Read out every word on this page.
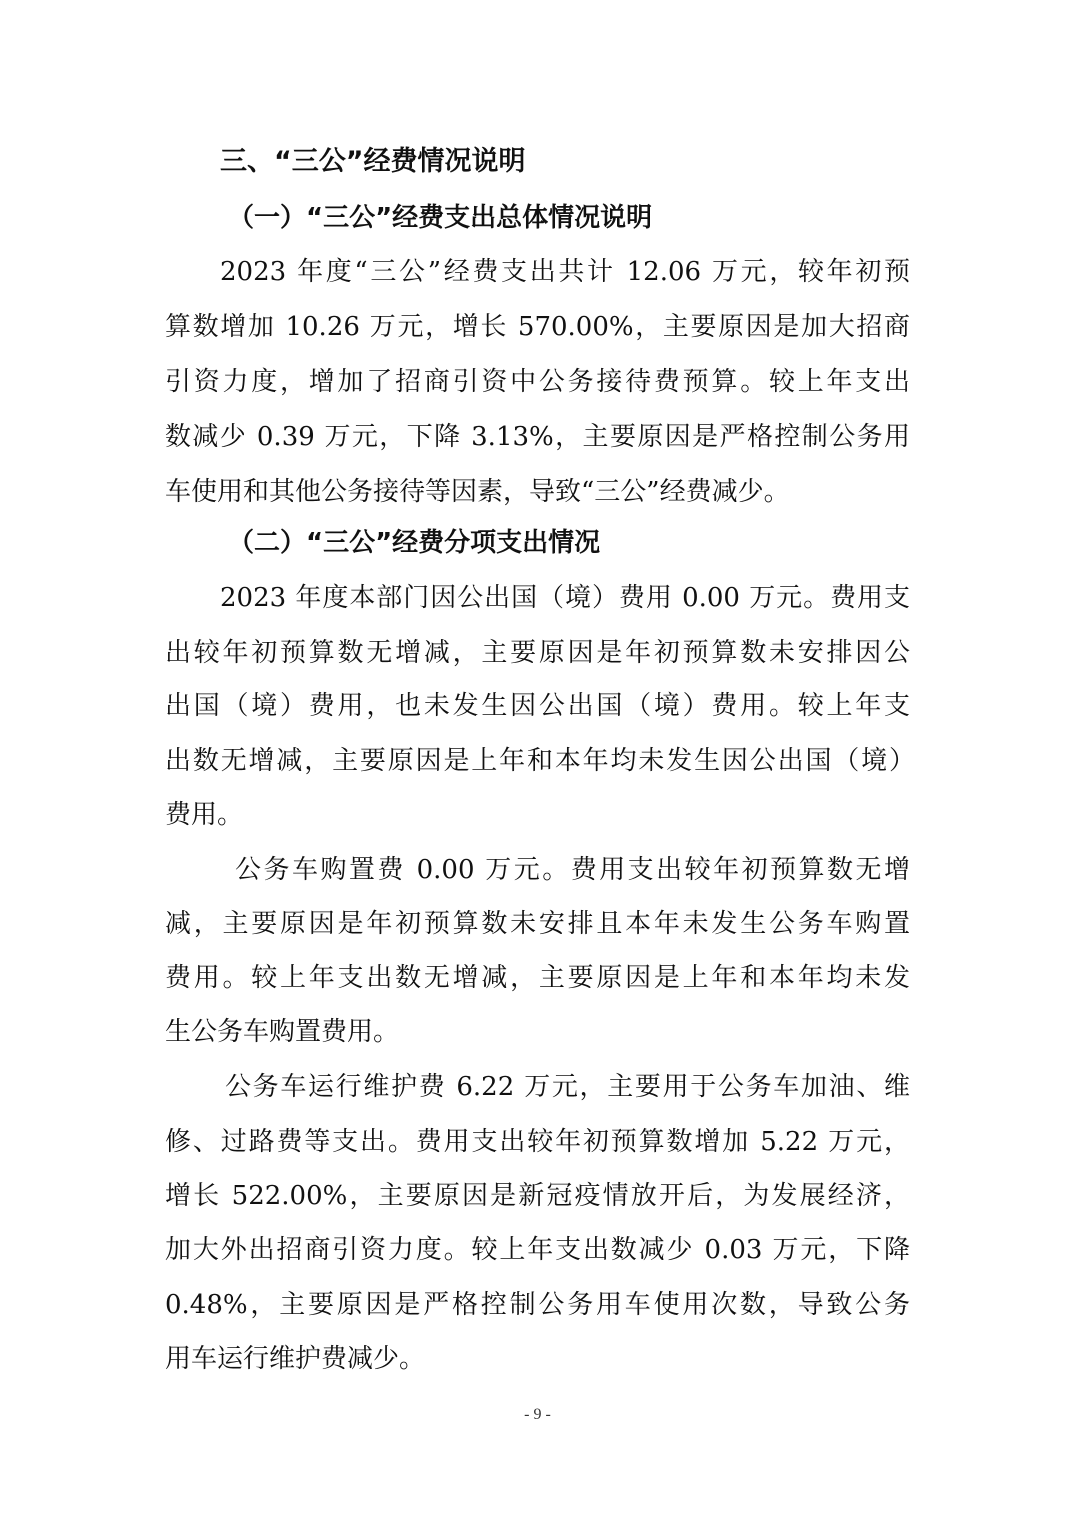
三、“三公”经费情况说明
（一）“三公”经费支出总体情况说明
2023 年度“三公”经费支出共计 12.06 万元，较年初预
算数增加 10.26 万元，增长 570.00%，主要原因是加大招商
引资力度，增加了招商引资中公务接待费预算。较上年支出
数减少 0.39 万元，下降 3.13%，主要原因是严格控制公务用
车使用和其他公务接待等因素，导致“三公”经费减少。
（二）“三公”经费分项支出情况
2023 年度本部门因公出国（境）费用 0.00 万元。费用支
出较年初预算数无增减，主要原因是年初预算数未安排因公
出国（境）费用，也未发生因公出国（境）费用。较上年支
出数无增减，主要原因是上年和本年均未发生因公出国（境）
费用。
公务车购置费 0.00 万元。费用支出较年初预算数无增
减，主要原因是年初预算数未安排且本年未发生公务车购置
费用。较上年支出数无增减，主要原因是上年和本年均未发
生公务车购置费用。
公务车运行维护费 6.22 万元，主要用于公务车加油、维
修、过路费等支出。费用支出较年初预算数增加 5.22 万元，
增长 522.00%，主要原因是新冠疫情放开后，为发展经济，
加大外出招商引资力度。较上年支出数减少 0.03 万元，下降
0.48%，主要原因是严格控制公务用车使用次数，导致公务
用车运行维护费减少。
- 9 -
